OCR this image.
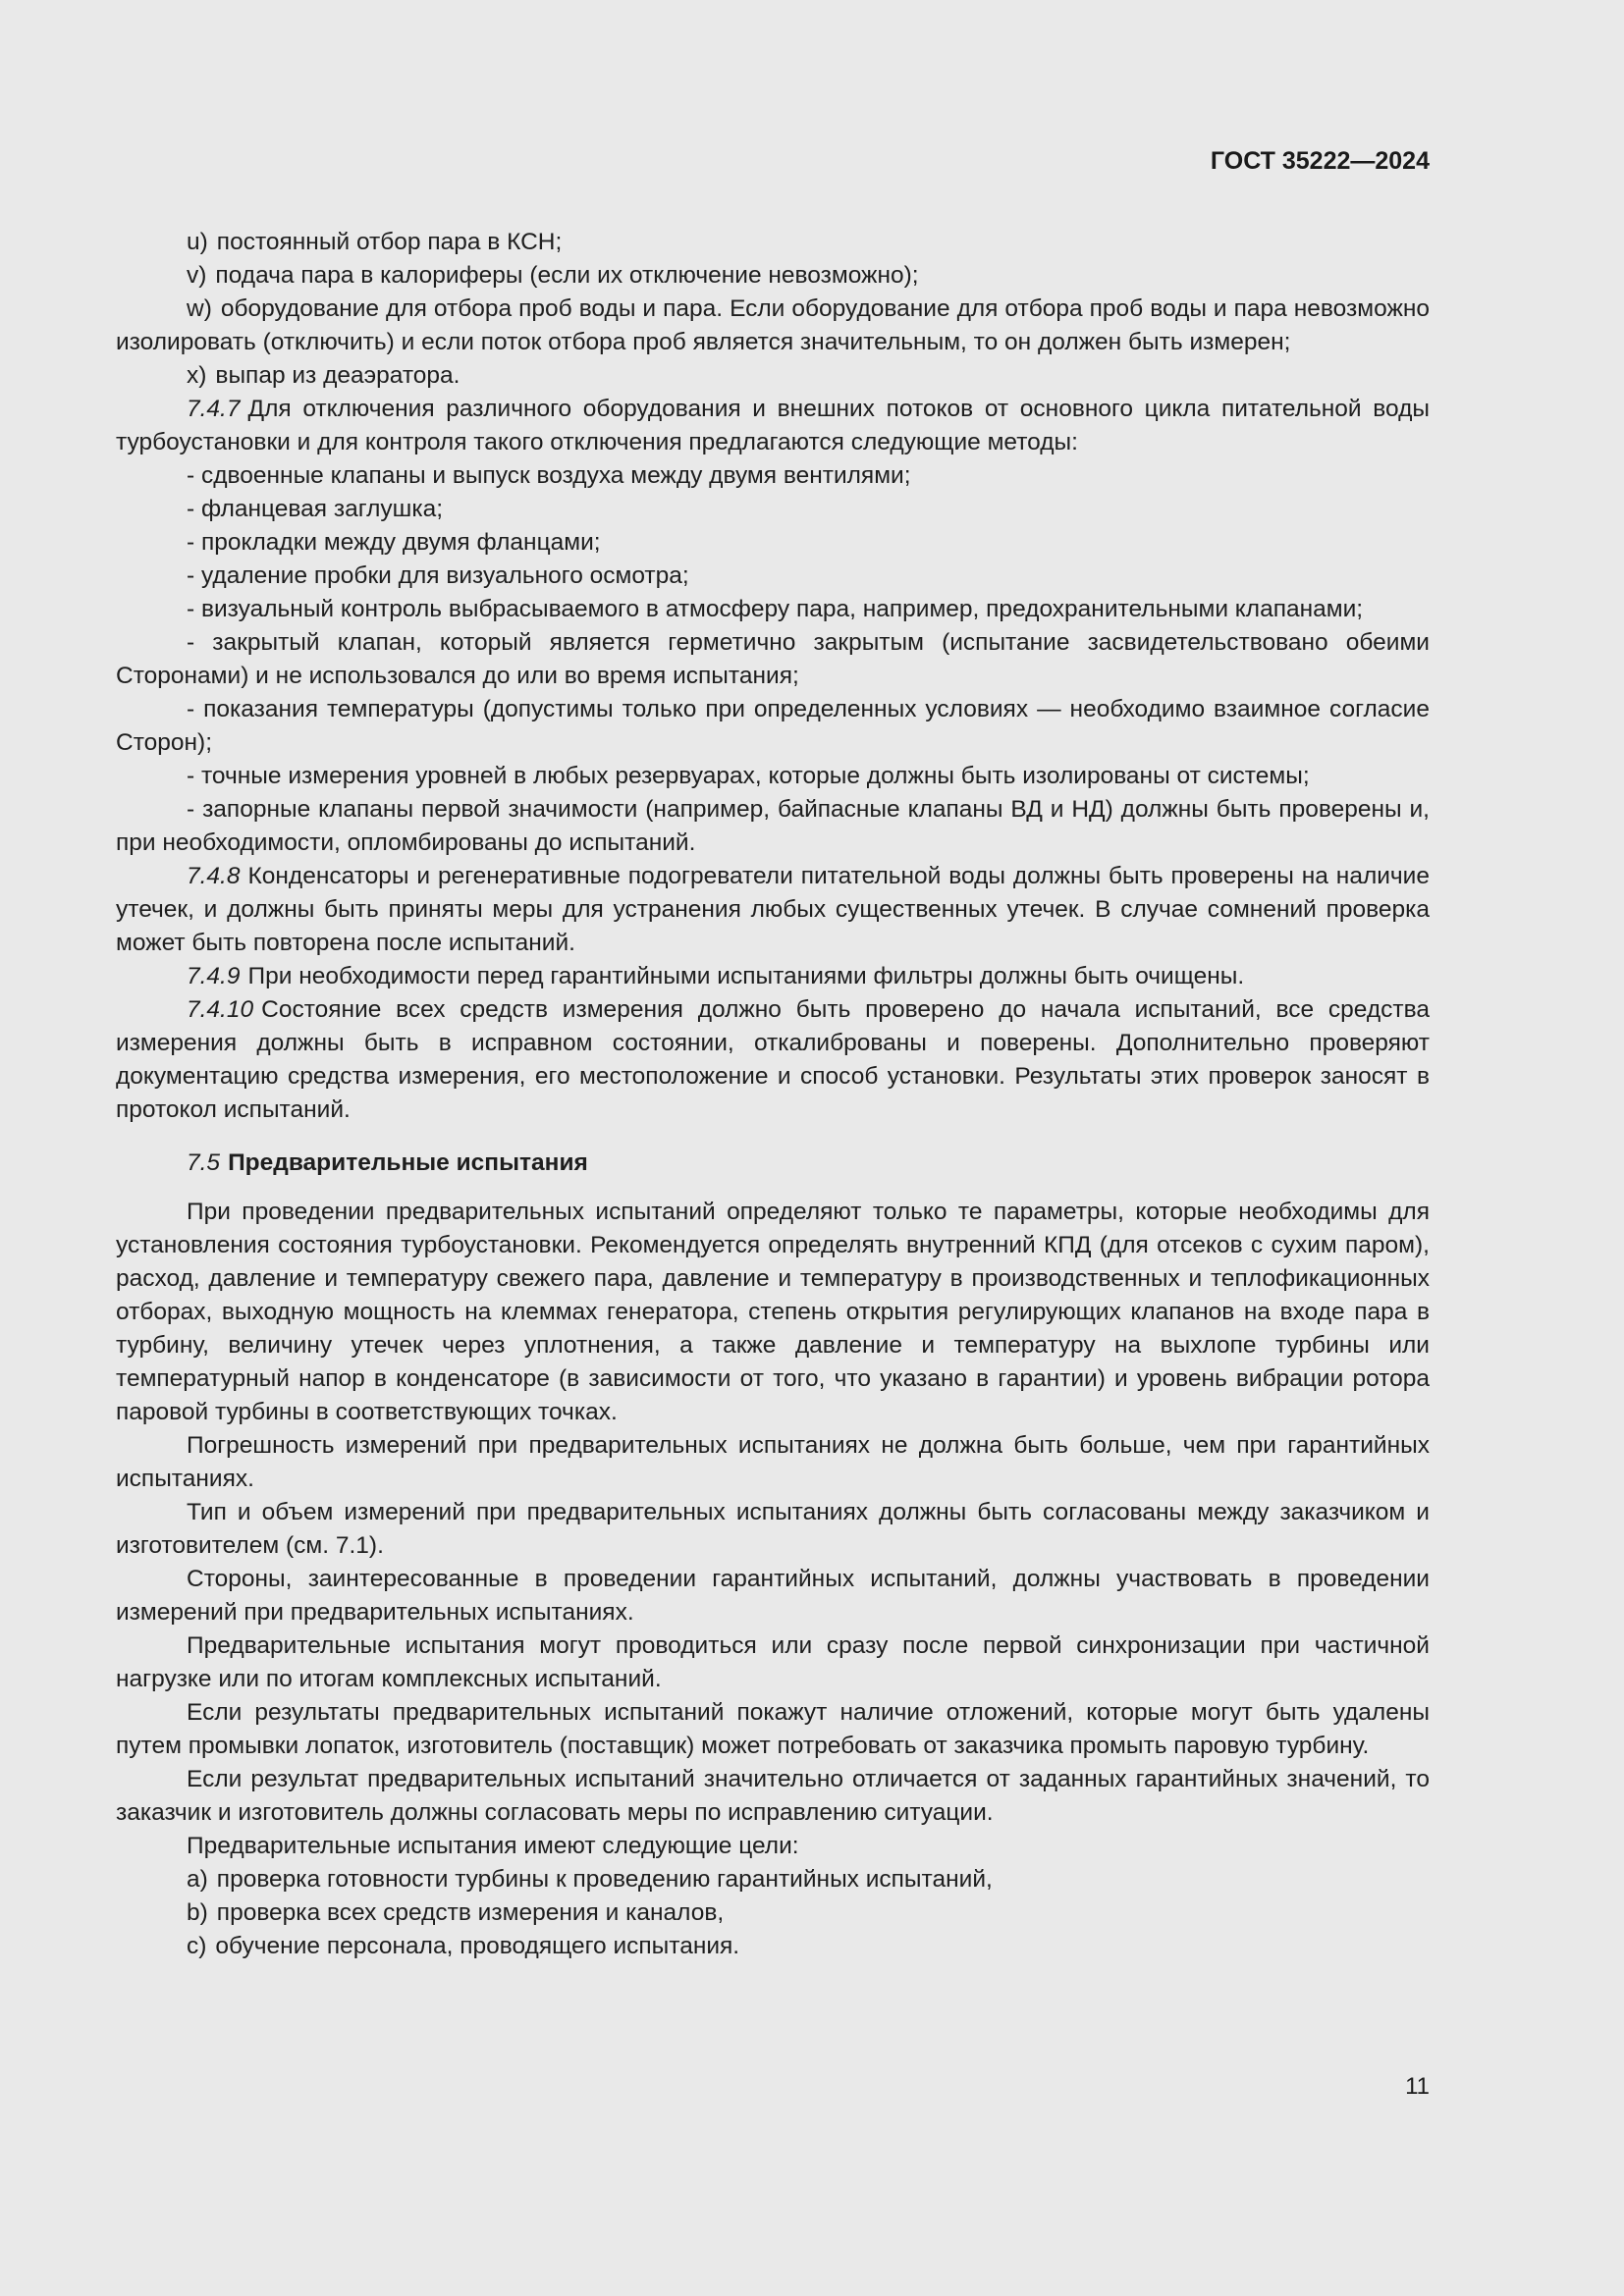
ГОСТ 35222—2024

u) постоянный отбор пара в КСН;

v) подача пара в калориферы (если их отключение невозможно);

w) оборудование для отбора проб воды и пара. Если оборудование для отбора проб воды и пара невозможно изолировать (отключить) и если поток отбора проб является значительным, то он должен быть измерен;

x) выпар из деаэратора.

7.4.7 Для отключения различного оборудования и внешних потоков от основного цикла питательной воды турбоустановки и для контроля такого отключения предлагаются следующие методы:

- сдвоенные клапаны и выпуск воздуха между двумя вентилями;

- фланцевая заглушка;

- прокладки между двумя фланцами;

- удаление пробки для визуального осмотра;

- визуальный контроль выбрасываемого в атмосферу пара, например, предохранительными клапанами;

- закрытый клапан, который является герметично закрытым (испытание засвидетельствовано обеими Сторонами) и не использовался до или во время испытания;

- показания температуры (допустимы только при определенных условиях — необходимо взаимное согласие Сторон);

- точные измерения уровней в любых резервуарах, которые должны быть изолированы от системы;

- запорные клапаны первой значимости (например, байпасные клапаны ВД и НД) должны быть проверены и, при необходимости, опломбированы до испытаний.

7.4.8 Конденсаторы и регенеративные подогреватели питательной воды должны быть проверены на наличие утечек, и должны быть приняты меры для устранения любых существенных утечек. В случае сомнений проверка может быть повторена после испытаний.

7.4.9 При необходимости перед гарантийными испытаниями фильтры должны быть очищены.

7.4.10 Состояние всех средств измерения должно быть проверено до начала испытаний, все средства измерения должны быть в исправном состоянии, откалиброваны и поверены. Дополнительно проверяют документацию средства измерения, его местоположение и способ установки. Результаты этих проверок заносят в протокол испытаний.

7.5 Предварительные испытания

При проведении предварительных испытаний определяют только те параметры, которые необходимы для установления состояния турбоустановки. Рекомендуется определять внутренний КПД (для отсеков с сухим паром), расход, давление и температуру свежего пара, давление и температуру в производственных и теплофикационных отборах, выходную мощность на клеммах генератора, степень открытия регулирующих клапанов на входе пара в турбину, величину утечек через уплотнения, а также давление и температуру на выхлопе турбины или температурный напор в конденсаторе (в зависимости от того, что указано в гарантии) и уровень вибрации ротора паровой турбины в соответствующих точках.

Погрешность измерений при предварительных испытаниях не должна быть больше, чем при гарантийных испытаниях.

Тип и объем измерений при предварительных испытаниях должны быть согласованы между заказчиком и изготовителем (см. 7.1).

Стороны, заинтересованные в проведении гарантийных испытаний, должны участвовать в проведении измерений при предварительных испытаниях.

Предварительные испытания могут проводиться или сразу после первой синхронизации при частичной нагрузке или по итогам комплексных испытаний.

Если результаты предварительных испытаний покажут наличие отложений, которые могут быть удалены путем промывки лопаток, изготовитель (поставщик) может потребовать от заказчика промыть паровую турбину.

Если результат предварительных испытаний значительно отличается от заданных гарантийных значений, то заказчик и изготовитель должны согласовать меры по исправлению ситуации.

Предварительные испытания имеют следующие цели:

a) проверка готовности турбины к проведению гарантийных испытаний,

b) проверка всех средств измерения и каналов,

c) обучение персонала, проводящего испытания.

11
